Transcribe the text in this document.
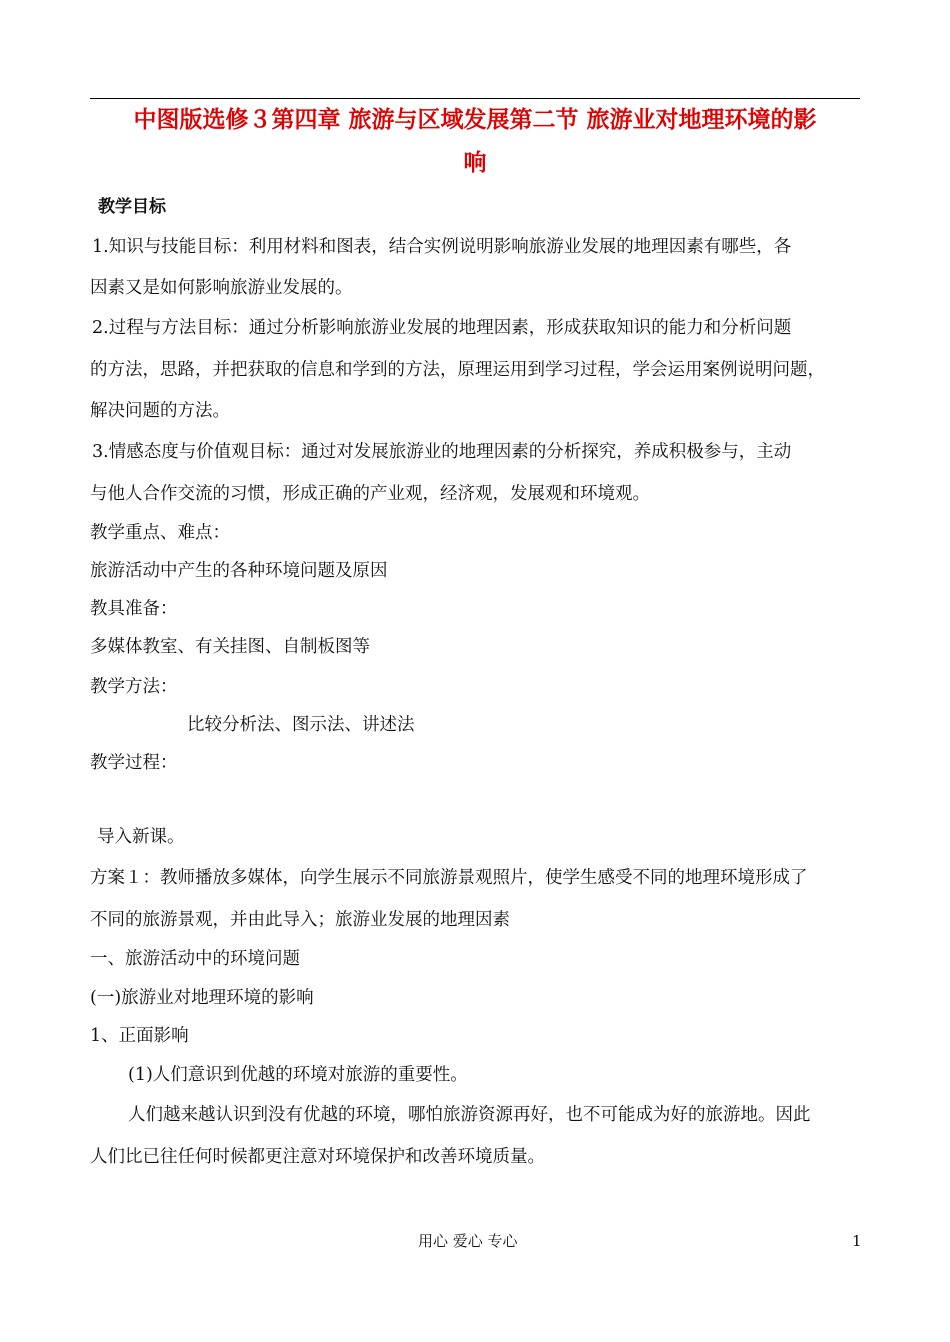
中图版选修３第四章 旅游与区域发展第二节 旅游业对地理环境的影
响
教学目标
1.知识与技能目标：利用材料和图表，结合实例说明影响旅游业发展的地理因素有哪些，各
因素又是如何影响旅游业发展的。
2.过程与方法目标：通过分析影响旅游业发展的地理因素，形成获取知识的能力和分析问题
的方法，思路，并把获取的信息和学到的方法，原理运用到学习过程，学会运用案例说明问题，
解决问题的方法。
3.情感态度与价值观目标：通过对发展旅游业的地理因素的分析探究，养成积极参与，主动
与他人合作交流的习惯，形成正确的产业观，经济观，发展观和环境观。
教学重点、难点：
旅游活动中产生的各种环境问题及原因
教具准备：
多媒体教室、有关挂图、自制板图等
教学方法：
比较分析法、图示法、讲述法
教学过程：
导入新课。
方案１：教师播放多媒体，向学生展示不同旅游景观照片，使学生感受不同的地理环境形成了
不同的旅游景观，并由此导入；旅游业发展的地理因素
一、旅游活动中的环境问题
(一)旅游业对地理环境的影响
1、正面影响
(1)人们意识到优越的环境对旅游的重要性。
人们越来越认识到没有优越的环境，哪怕旅游资源再好，也不可能成为好的旅游地。因此
人们比已往任何时候都更注意对环境保护和改善环境质量。
用心 爱心 专心	1
